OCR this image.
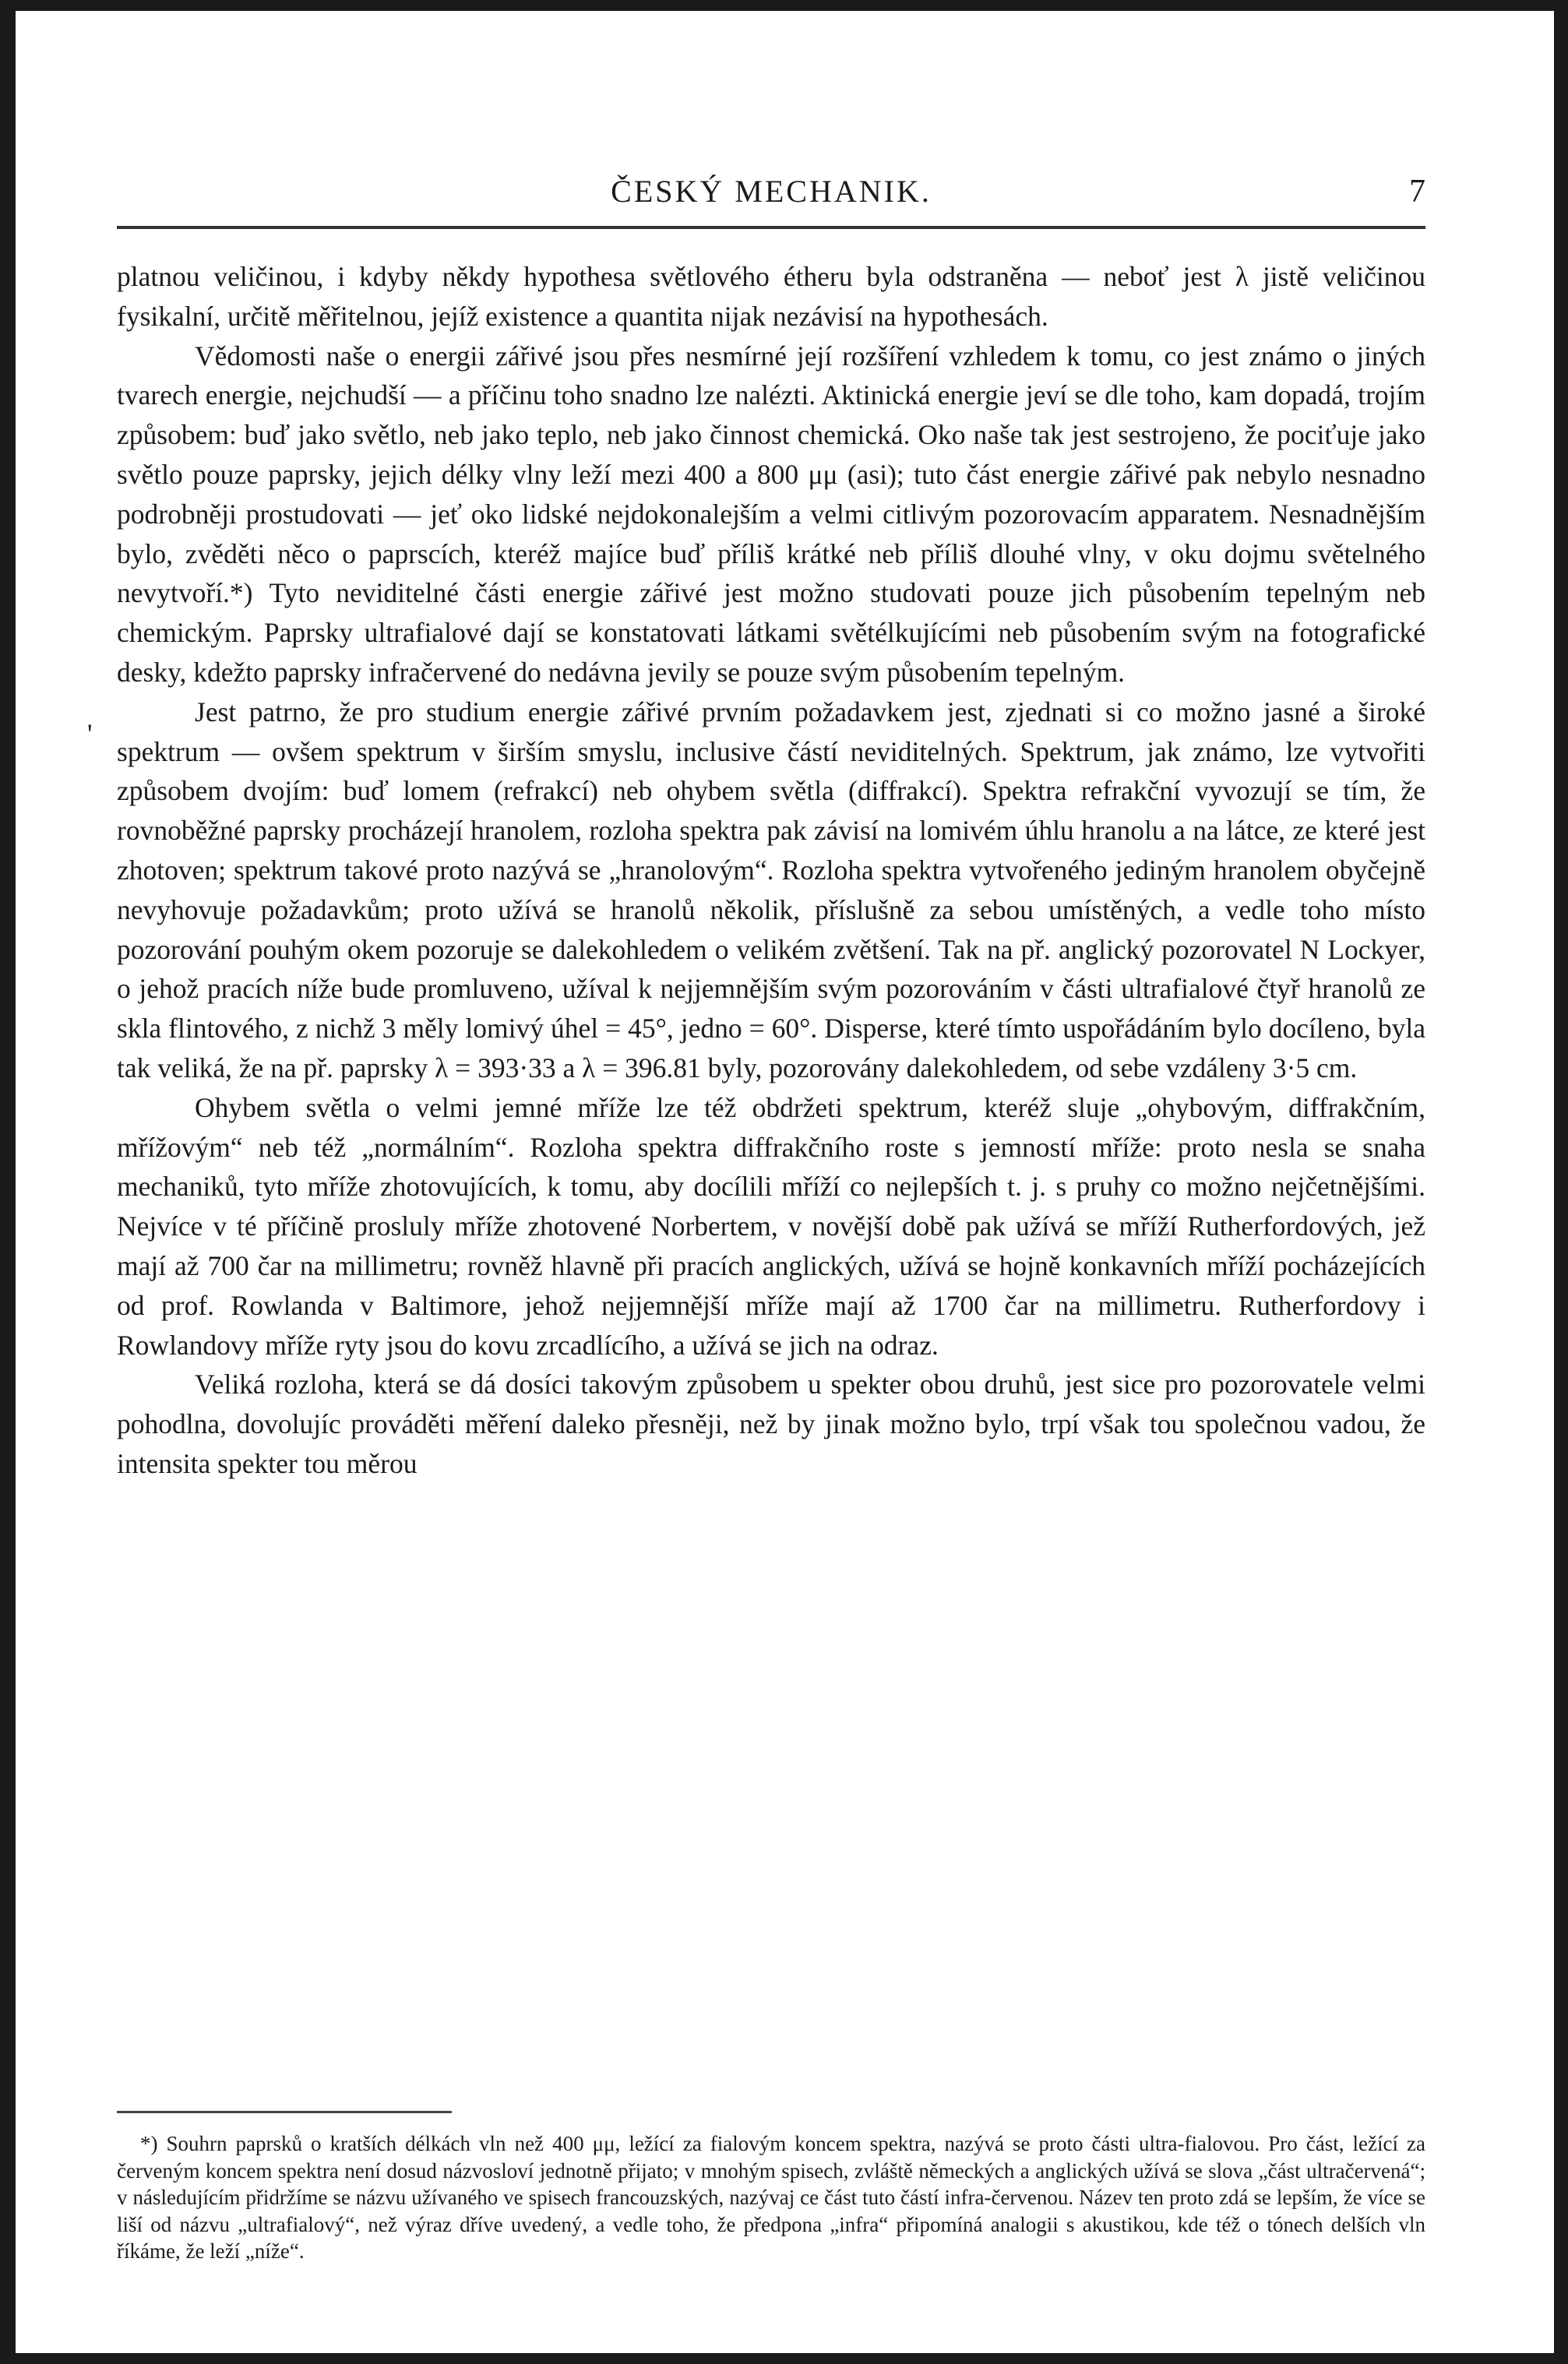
ČESKÝ MECHANIK.	7

platnou veličinou, i kdyby někdy hypothesa světlového étheru byla odstraněna — neboť jest λ jistě veličinou fysikalní, určitě měřitelnou, jejíž existence a quantita nijak nezávisí na hypothesách.

Vědomosti naše o energii zářivé jsou přes nesmírné její rozšíření vzhledem k tomu, co jest známo o jiných tvarech energie, nejchudší — a příčinu toho snadno lze nalézti. Aktinická energie jeví se dle toho, kam dopadá, trojím způsobem: buď jako světlo, neb jako teplo, neb jako činnost chemická. Oko naše tak jest sestrojeno, že pociťuje jako světlo pouze paprsky, jejich délky vlny leží mezi 400 a 800 μμ (asi); tuto část energie zářivé pak nebylo nesnadno podrobněji prostudovati — jeť oko lidské nejdokonalejším a velmi citlivým pozorovacím apparatem. Nesnadnějším bylo, zvěděti něco o paprscích, kteréž majíce buď příliš krátké neb příliš dlouhé vlny, v oku dojmu světelného nevytvoří.*) Tyto neviditelné části energie zářivé jest možno studovati pouze jich působením tepelným neb chemickým. Paprsky ultrafialové dají se konstatovati látkami světélkujícími neb působením svým na fotografické desky, kdežto paprsky infračervené do nedávna jevily se pouze svým působením tepelným.

Jest patrno, že pro studium energie zářivé prvním požadavkem jest, zjednati si co možno jasné a široké spektrum — ovšem spektrum v širším smyslu, inclusive částí neviditelných. Spektrum, jak známo, lze vytvořiti způsobem dvojím: buď lomem (refrakcí) neb ohybem světla (diffrakcí). Spektra refrakční vyvozují se tím, že rovnoběžné paprsky procházejí hranolem, rozloha spektra pak závisí na lomivém úhlu hranolu a na látce, ze které jest zhotoven; spektrum takové proto nazývá se „hranolovým“. Rozloha spektra vytvořeného jediným hranolem obyčejně nevyhovuje požadavkům; proto užívá se hranolů několik, příslušně za sebou umístěných, a vedle toho místo pozorování pouhým okem pozoruje se dalekohledem o velikém zvětšení. Tak na př. anglický pozorovatel N Lockyer, o jehož pracích níže bude promluveno, užíval k nejjemnějším svým pozorováním v části ultrafialové čtyř hranolů ze skla flintového, z nichž 3 měly lomivý úhel = 45°, jedno = 60°. Disperse, které tímto uspořádáním bylo docíleno, byla tak veliká, že na př. paprsky λ = 393·33 a λ = 396.81 byly, pozorovány dalekohledem, od sebe vzdáleny 3·5 cm.

Ohybem světla o velmi jemné mříže lze též obdržeti spektrum, kteréž sluje „ohybovým, diffrakčním, mřížovým“ neb též „normálním“. Rozloha spektra diffrakčního roste s jemností mříže: proto nesla se snaha mechaniků, tyto mříže zhotovujících, k tomu, aby docílili mříží co nejlepších t. j. s pruhy co možno nejčetnějšími. Nejvíce v té příčině prosluly mříže zhotovené Norbertem, v novější době pak užívá se mříží Rutherfordových, jež mají až 700 čar na millimetru; rovněž hlavně při pracích anglických, užívá se hojně konkavních mříží pocházejících od prof. Rowlanda v Baltimore, jehož nejjemnější mříže mají až 1700 čar na millimetru. Rutherfordovy i Rowlandovy mříže ryty jsou do kovu zrcadlícího, a užívá se jich na odraz.

Veliká rozloha, která se dá dosíci takovým způsobem u spekter obou druhů, jest sice pro pozorovatele velmi pohodlna, dovolujíc prováděti měření daleko přesněji, než by jinak možno bylo, trpí však tou společnou vadou, že intensita spekter tou měrou

*) Souhrn paprsků o kratších délkách vln než 400 μμ, ležící za fialovým koncem spektra, nazývá se proto části ultra-fialovou. Pro část, ležící za červeným koncem spektra není dosud názvosloví jednotně přijato; v mnohým spisech, zvláště německých a anglických užívá se slova „část ultračervená“; v následujícím přidržíme se názvu užívaného ve spisech francouzských, nazývaj ce část tuto částí infra-červenou. Název ten proto zdá se lepším, že více se liší od názvu „ultrafialový“, než výraz dříve uvedený, a vedle toho, že předpona „infra“ připomíná analogii s akustikou, kde též o tónech delších vln říkáme, že leží „níže“.

'
